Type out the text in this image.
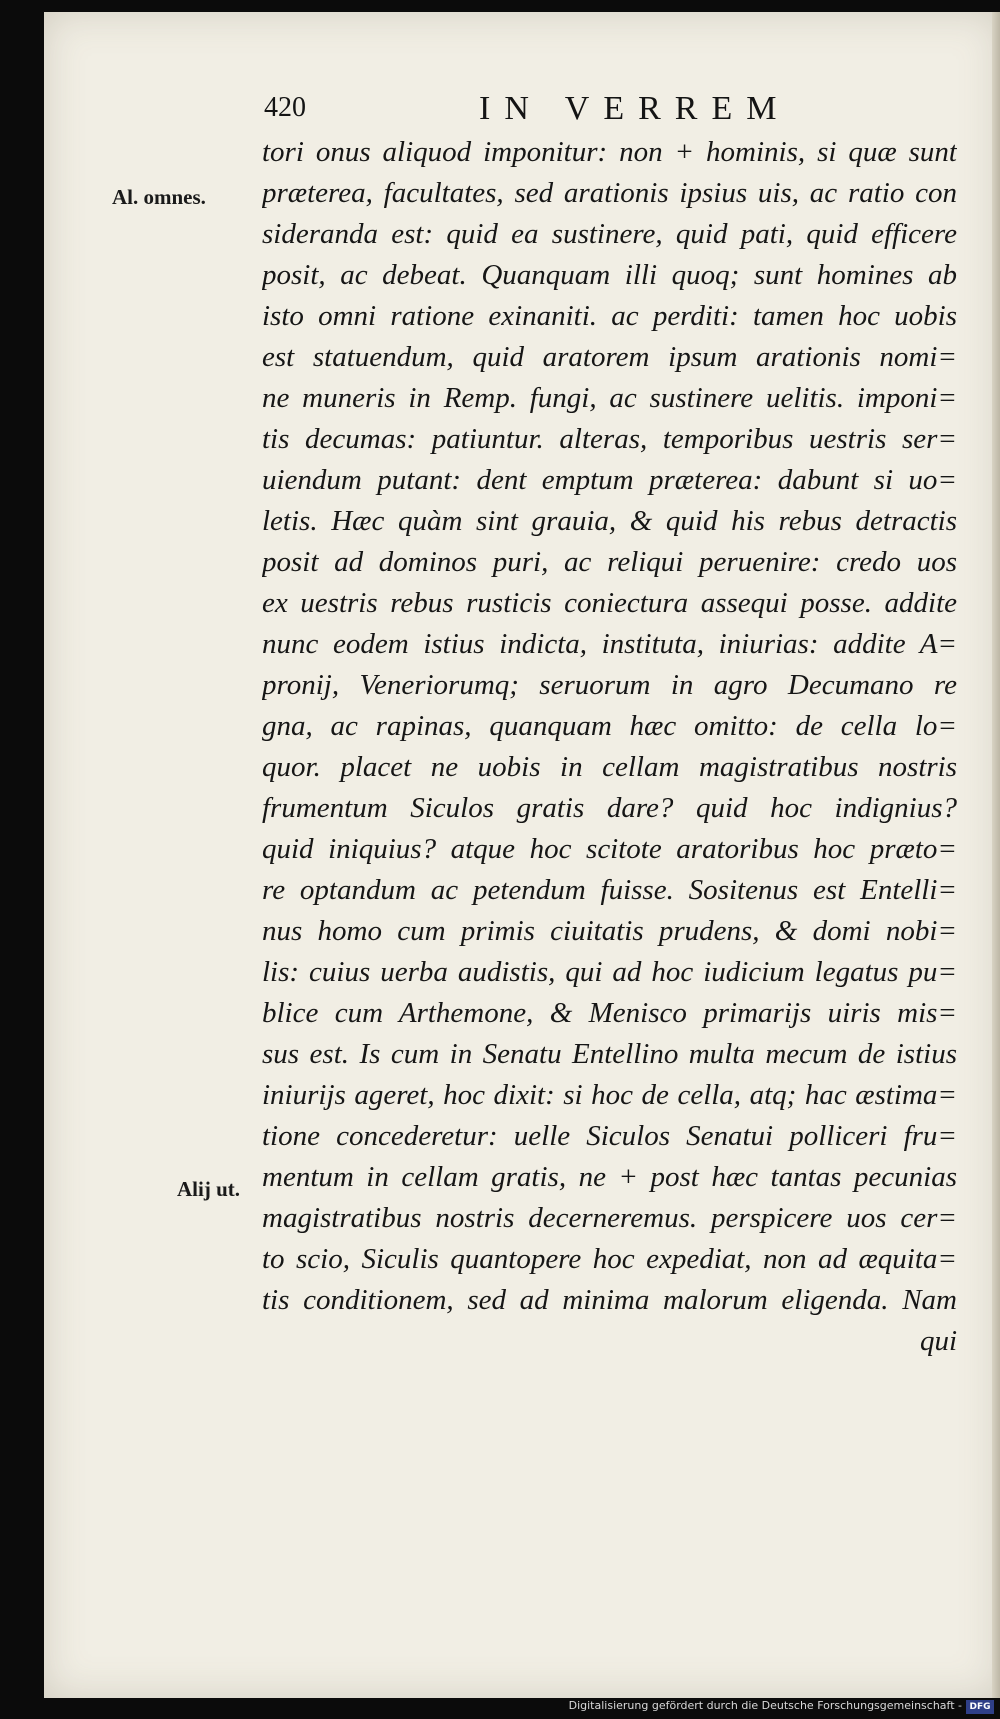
420	IN VERREM
Al. omnes.
Alij ut.
tori onus aliquod imponitur: non + hominis, si quæ sunt
præterea, facultates, sed arationis ipsius uis, ac ratio con
sideranda est: quid ea sustinere, quid pati, quid efficere
posit, ac debeat. Quanquam illi quoq; sunt homines ab
isto omni ratione exinaniti. ac perditi: tamen hoc uobis
est statuendum, quid aratorem ipsum arationis nomi=
ne muneris in Remp. fungi, ac sustinere uelitis. imponi=
tis decumas: patiuntur. alteras, temporibus uestris ser=
uiendum putant: dent emptum præterea: dabunt si uo=
letis. Hæc quàm sint grauia, & quid his rebus detractis
posit ad dominos puri, ac reliqui peruenire: credo uos
ex uestris rebus rusticis coniectura assequi posse. addite
nunc eodem istius indicta, instituta, iniurias: addite A=
pronij, Veneriorumq; seruorum in agro Decumano re
gna, ac rapinas, quanquam hæc omitto: de cella lo=
quor. placet ne uobis in cellam magistratibus nostris
frumentum Siculos gratis dare? quid hoc indignius?
quid iniquius? atque hoc scitote aratoribus hoc præto=
re optandum ac petendum fuisse. Sositenus est Entelli=
nus homo cum primis ciuitatis prudens, & domi nobi=
lis: cuius uerba audistis, qui ad hoc iudicium legatus pu=
blice cum Arthemone, & Menisco primarijs uiris mis=
sus est. Is cum in Senatu Entellino multa mecum de istius
iniurijs ageret, hoc dixit: si hoc de cella, atq; hac æstima=
tione concederetur: uelle Siculos Senatui polliceri fru=
mentum in cellam gratis, ne + post hæc tantas pecunias
magistratibus nostris decerneremus. perspicere uos cer=
to scio, Siculis quantopere hoc expediat, non ad æquita=
tis conditionem, sed ad minima malorum eligenda. Nam
qui
Digitalisierung gefördert durch die Deutsche Forschungsgemeinschaft - DFG
